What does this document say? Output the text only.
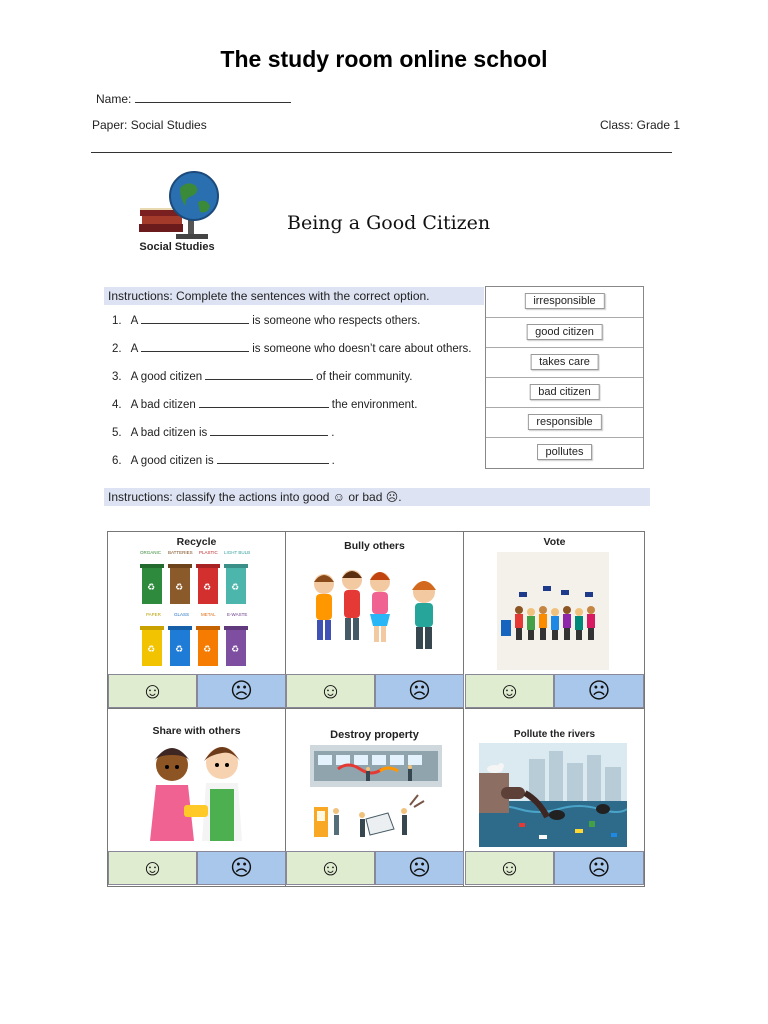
The study room online school
Name:
Paper: Social Studies	Class: Grade 1
Social Studies
Being a Good Citizen
Instructions: Complete the sentences with the correct option.
1. A	is someone who respects others.
2. A	is someone who doesn’t care about others.
3. A good citizen	of their community.
4. A bad citizen	the environment.
5. A bad citizen is	.
6. A good citizen is	.
irresponsible
good citizen
takes care
bad citizen
responsible
pollutes
Instructions: classify the actions into good ☺ or bad ☹.
Recycle
ORGANIC BATTERIES PLASTIC LIGHT BULB
PAPER	GLASS	METAL	E-WASTE
♻ ♻ ♻ ♻
♻ ♻ ♻ ♻
☺	☹
Bully others
☺	☹
Vote
☺	☹
Share with others
☺	☹
Destroy property
☺	☹
Pollute the rivers
☺	☹
